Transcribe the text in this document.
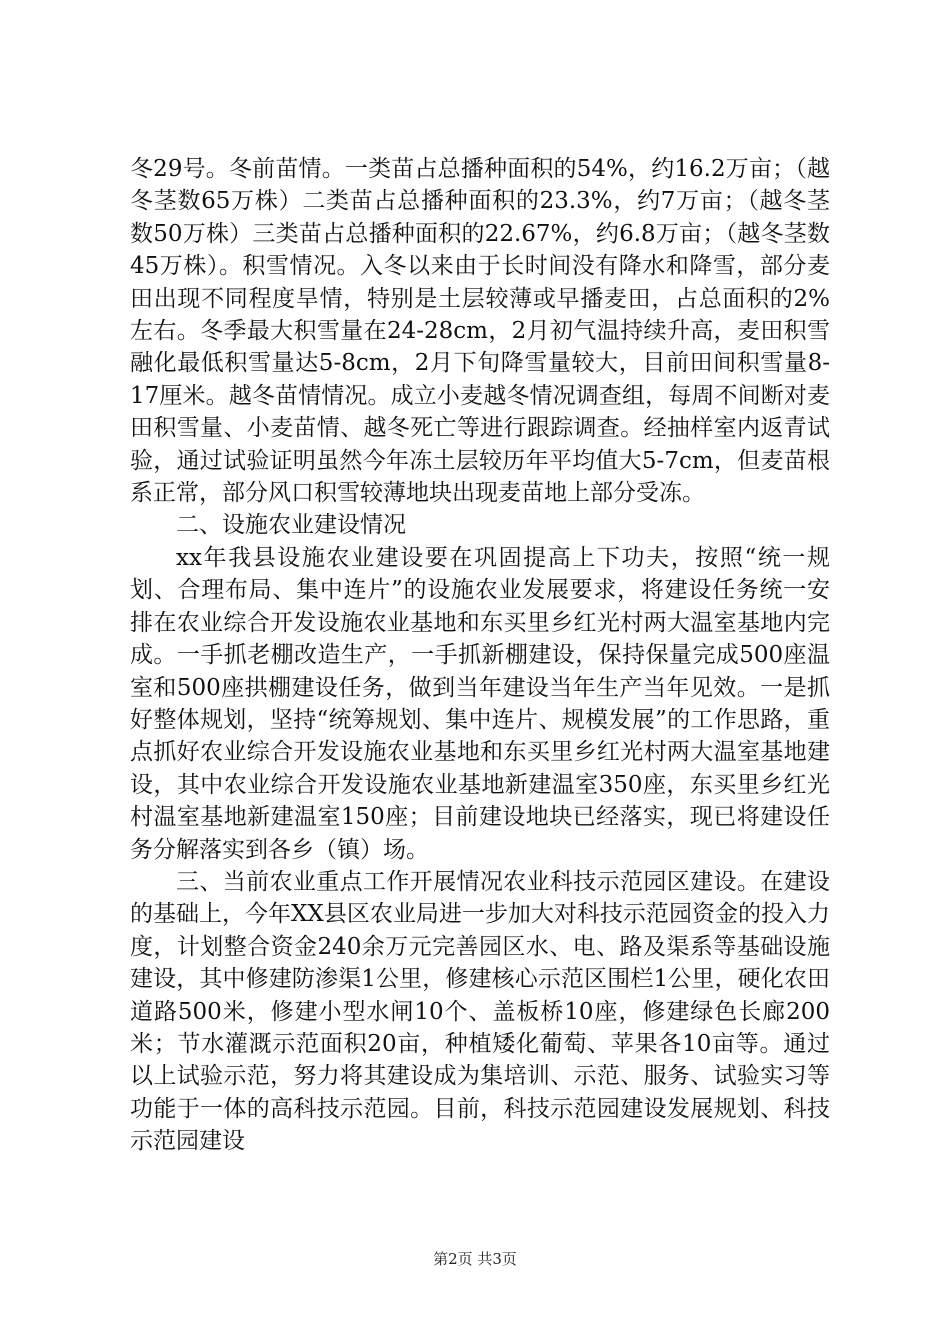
冬29号。冬前苗情。一类苗占总播种面积的54%，约16.2万亩；（越冬茎数65万株）二类苗占总播种面积的23.3%，约7万亩；（越冬茎数50万株）三类苗占总播种面积的22.67%，约6.8万亩；（越冬茎数45万株）。积雪情况。入冬以来由于长时间没有降水和降雪，部分麦田出现不同程度旱情，特别是土层较薄或早播麦田，占总面积的2%左右。冬季最大积雪量在24-28cm，2月初气温持续升高，麦田积雪融化最低积雪量达5-8cm，2月下旬降雪量较大，目前田间积雪量8-17厘米。越冬苗情情况。成立小麦越冬情况调查组，每周不间断对麦田积雪量、小麦苗情、越冬死亡等进行跟踪调查。经抽样室内返青试验，通过试验证明虽然今年冻土层较历年平均值大5-7cm，但麦苗根系正常，部分风口积雪较薄地块出现麦苗地上部分受冻。

二、设施农业建设情况

xx年我县设施农业建设要在巩固提高上下功夫，按照“统一规划、合理布局、集中连片”的设施农业发展要求，将建设任务统一安排在农业综合开发设施农业基地和东买里乡红光村两大温室基地内完成。一手抓老棚改造生产，一手抓新棚建设，保持保量完成500座温室和500座拱棚建设任务，做到当年建设当年生产当年见效。一是抓好整体规划，坚持“统筹规划、集中连片、规模发展”的工作思路，重点抓好农业综合开发设施农业基地和东买里乡红光村两大温室基地建设，其中农业综合开发设施农业基地新建温室350座，东买里乡红光村温室基地新建温室150座；目前建设地块已经落实，现已将建设任务分解落实到各乡（镇）场。

三、当前农业重点工作开展情况农业科技示范园区建设。在建设的基础上，今年XX县区农业局进一步加大对科技示范园资金的投入力度，计划整合资金240余万元完善园区水、电、路及渠系等基础设施建设，其中修建防渗渠1公里，修建核心示范区围栏1公里，硬化农田道路500米，修建小型水闸10个、盖板桥10座，修建绿色长廊200米；节水灌溉示范面积20亩，种植矮化葡萄、苹果各10亩等。通过以上试验示范，努力将其建设成为集培训、示范、服务、试验实习等功能于一体的高科技示范园。目前，科技示范园建设发展规划、科技示范园建设

第2页 共3页
